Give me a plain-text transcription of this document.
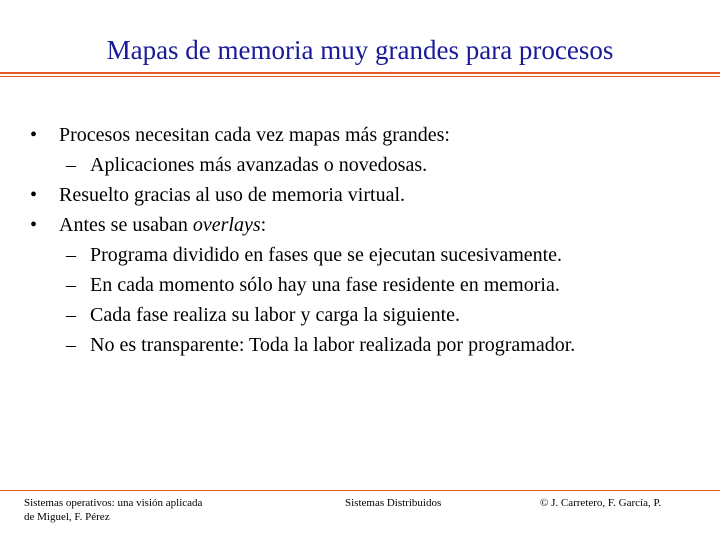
Mapas de memoria muy grandes para procesos
• Procesos necesitan cada vez mapas más grandes:
– Aplicaciones más avanzadas o novedosas.
• Resuelto gracias al uso de memoria virtual.
• Antes se usaban overlays:
– Programa dividido en fases que se ejecutan sucesivamente.
– En cada momento sólo hay una fase residente en memoria.
– Cada fase realiza su labor y carga la siguiente.
– No es transparente: Toda la labor realizada por programador.
Sistemas operativos: una visión aplicada
de Miguel, F. Pérez
Sistemas Distribuidos	© J. Carretero, F. García, P.
